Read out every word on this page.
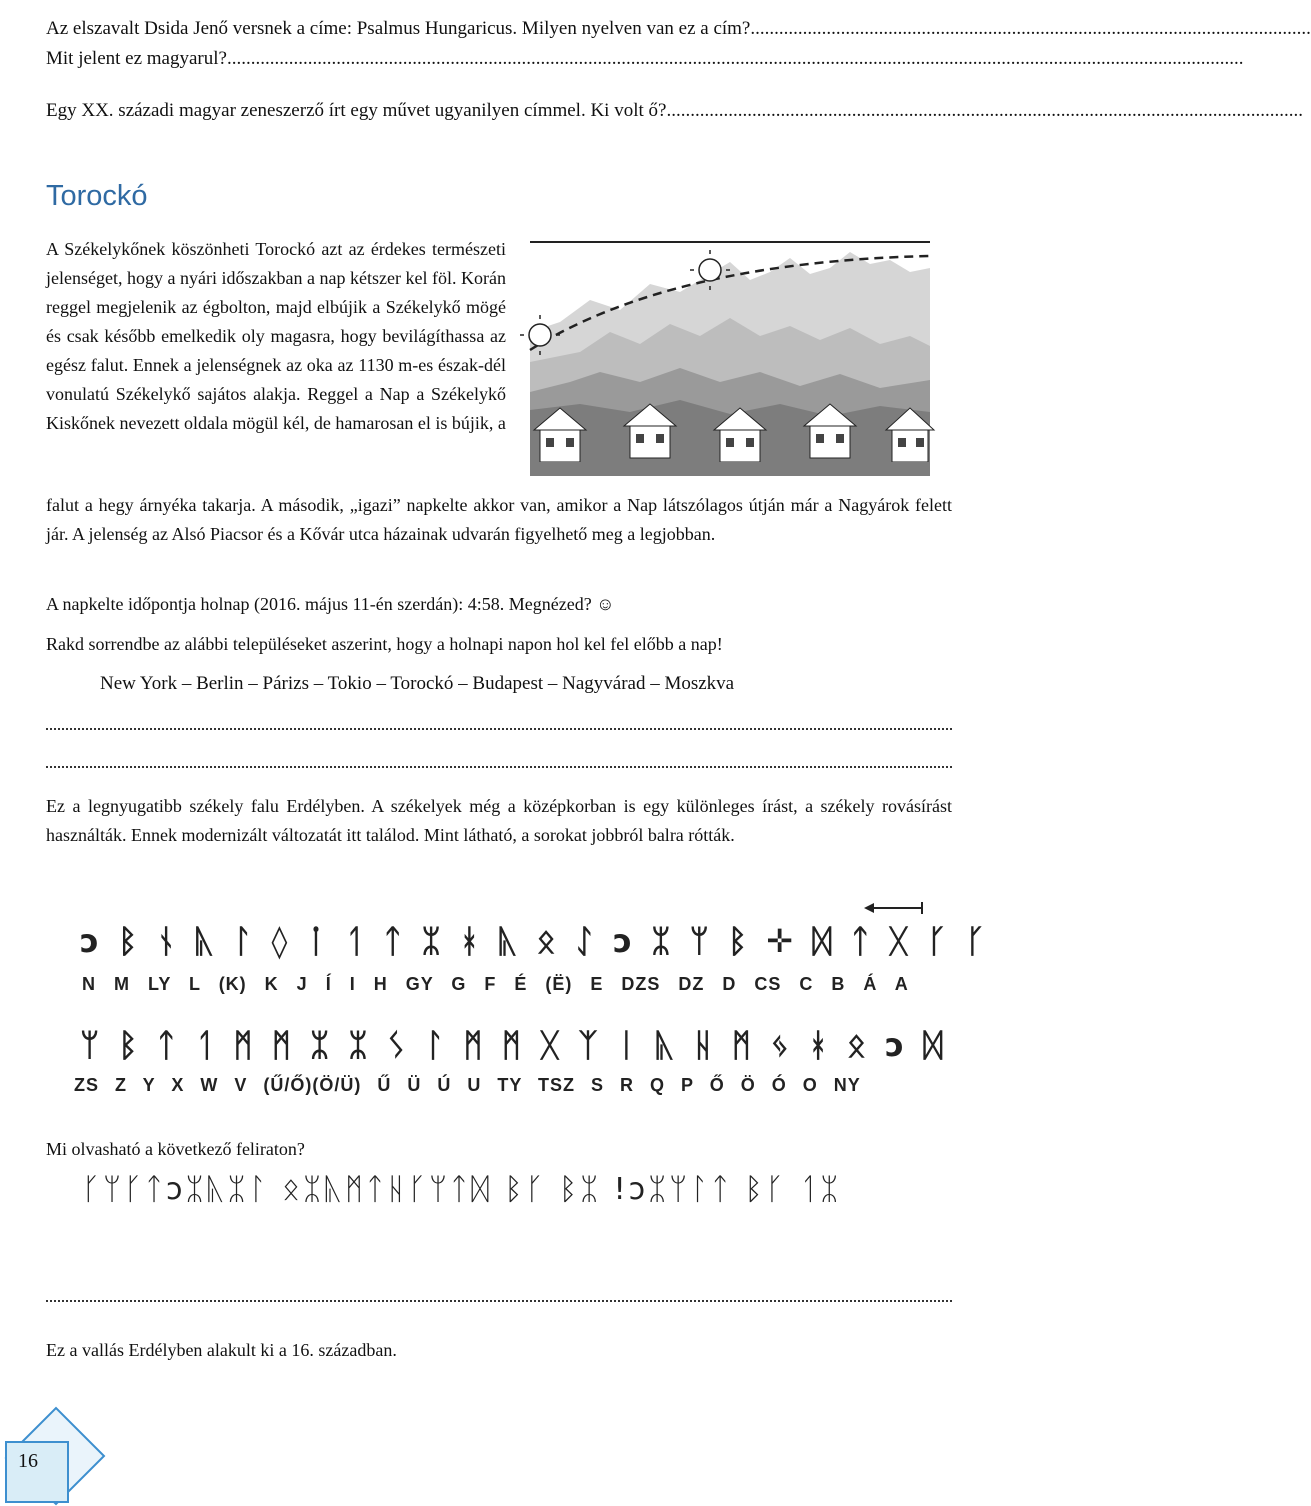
Az elszavalt Dsida Jenő versnek a címe: Psalmus Hungaricus. Milyen nyelven van ez a cím?......................................................................................................................
Mit jelent ez magyarul?......................................................................................................................................................................................................................
Egy XX. századi magyar zeneszerző írt egy művet ugyanilyen címmel. Ki volt ő?......................................................................................................................................
Torockó
A Székelykőnek köszönheti Torockó azt az érdekes természeti jelenséget, hogy a nyári időszakban a nap kétszer kel föl. Korán reggel megjelenik az égbolton, majd elbújik a Székelykő mögé és csak később emelkedik oly magasra, hogy bevilágíthassa az egész falut. Ennek a jelenségnek az oka az 1130 m-es észak-dél vonulatú Székelykő sajátos alakja. Reggel a Nap a Székelykő Kiskőnek nevezett oldala mögül kél, de hamarosan el is bújik, a
falut a hegy árnyéka takarja. A második, „igazi” napkelte akkor van, amikor a Nap látszólagos útján már a Nagyárok felett jár. A jelenség az Alsó Piacsor és a Kővár utca házainak udvarán figyelhető meg a legjobban.
A napkelte időpontja holnap (2016. május 11-én szerdán): 4:58. Megnézed? ☺
Rakd sorrendbe az alábbi településeket aszerint, hogy a holnapi napon hol kel fel előbb a nap!
New York – Berlin – Párizs – Tokio – Torockó – Budapest – Nagyvárad – Moszkva
Ez a legnyugatibb székely falu Erdélyben. A székelyek még a középkorban is egy különleges írást, a székely rovásírást használták. Ennek modernizált változatát itt találod. Mint látható, a sorokat jobbról balra rótták.
ↄ ᛒ ᚾ ᚣ ᛚ ◊ ᛙ ᛐ ᛏ ᛯ ᚼ ᚣ ᛟ ᛇ ↄ ᛯ ᛘ ᛒ ✛ ᛞ ᛏ ᚷ ᚴ ᚴ
N M LY L (K) K J Í I H GY G F É (Ë) E DZS DZ D CS C B Á A
ᛘ ᛒ ᛏ ᛐ ᛗ ᛗ ᛯ ᛯ ᛊ ᛚ ᛗ ᛗ ᚷ ᛉ ᛁ ᚣ ᚺ ᛗ ᛃ ᚼ ᛟ ↄ ᛞ
ZS Z Y X W V (Ű/Ő)(Ö/Ü) Ű Ü Ú U TY TSZ S R Q P Ő Ö Ó O NY
Mi olvasható a következő feliraton?
ᚴᛘᚴᛏↄᛯᚣᛯᛚ ᛟᛯᚣᛗᛏᚺᚴᛘᛏᛞ ᛒᚴ ᛒᛯ !ↄᛯᛘᛚᛏ ᛒᚴ ᛐᛯ
Ez a vallás Erdélyben alakult ki a 16. században.
16
